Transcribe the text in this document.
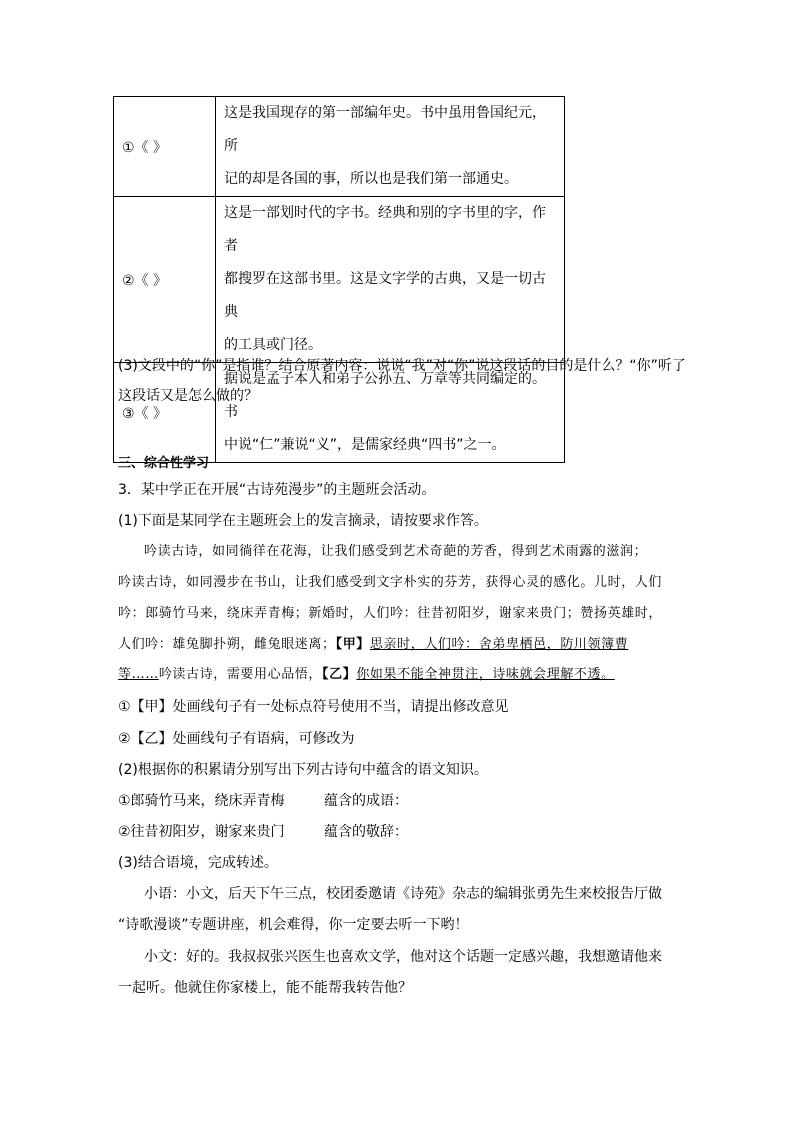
①《 》	这是我国现存的第一部编年史。书中虽用鲁国纪元，所
记的却是各国的事，所以也是我们第一部通史。

②《 》	这是一部划时代的字书。经典和别的字书里的字，作者
都搜罗在这部书里。这是文字学的古典，又是一切古典
的工具或门径。

③《 》	据说是孟子本人和弟子公孙五、万章等共同编定的。书
中说“仁”兼说“义”，是儒家经典“四书”之一。
(3)文段中的“你”是指谁？结合原著内容：说说“我”对“你”说这段话的目的是什么？“你”听了
这段话又是怎么做的？
三、综合性学习
3．某中学正在开展“古诗苑漫步”的主题班会活动。
(1)下面是某同学在主题班会上的发言摘录，请按要求作答。
吟读古诗，如同徜徉在花海，让我们感受到艺术奇葩的芳香，得到艺术雨露的滋润；
吟读古诗，如同漫步在书山，让我们感受到文字朴实的芬芳，获得心灵的感化。儿时，人们
吟：郎骑竹马来，绕床弄青梅；新婚时，人们吟：往昔初阳岁，谢家来贵门；赞扬英雄时，
人们吟：雄兔脚扑朔，雌兔眼迷离；【甲】思亲时，人们吟：舍弟卑栖邑，防川领簿曹
等……吟读古诗，需要用心品悟，【乙】你如果不能全神贯注，诗味就会理解不透。
①【甲】处画线句子有一处标点符号使用不当，请提出修改意见
②【乙】处画线句子有语病，可修改为
(2)根据你的积累请分别写出下列古诗句中蕴含的语文知识。
①郎骑竹马来，绕床弄青梅	蕴含的成语：
②往昔初阳岁，谢家来贵门	蕴含的敬辞：
(3)结合语境，完成转述。
小语：小文，后天下午三点，校团委邀请《诗苑》杂志的编辑张勇先生来校报告厅做
“诗歌漫谈”专题讲座，机会难得，你一定要去听一下哟！
小文：好的。我叔叔张兴医生也喜欢文学，他对这个话题一定感兴趣，我想邀请他来
一起听。他就住你家楼上，能不能帮我转告他？
